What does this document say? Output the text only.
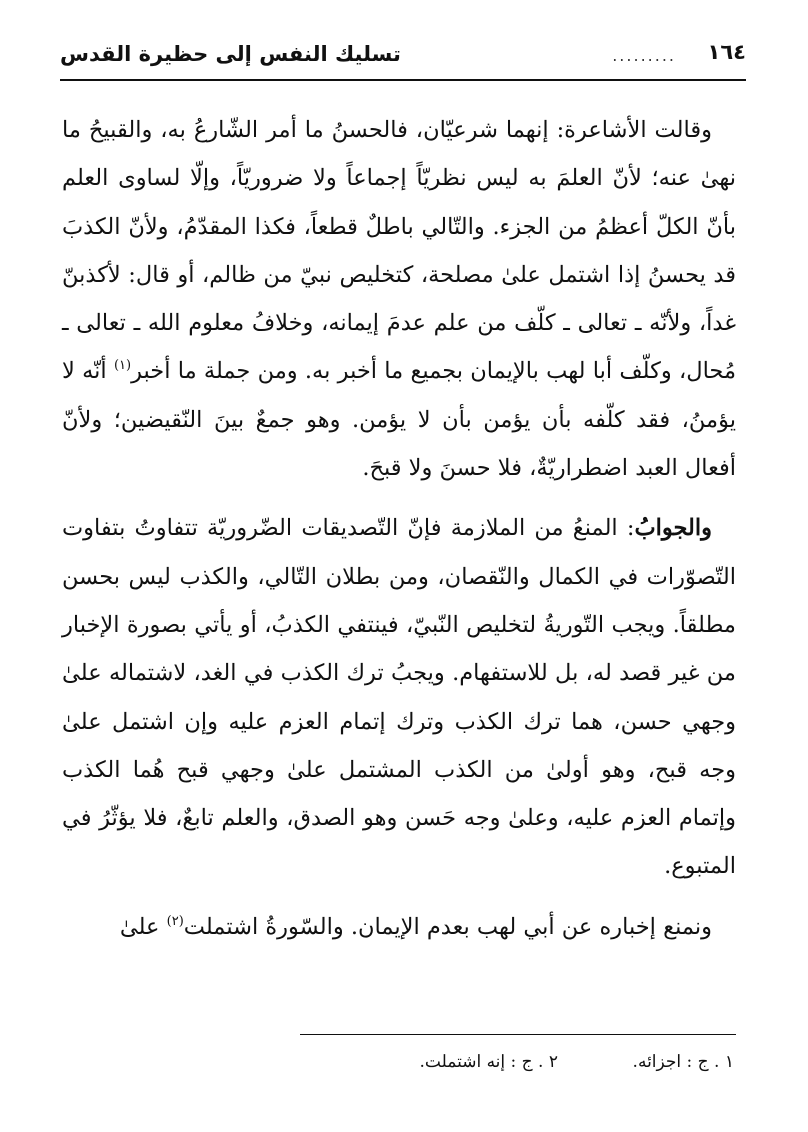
١٦٤
.........
تسليك النفس إلى حظيرة القدس

وقالت الأشاعرة: إنهما شرعيّان، فالحسنُ ما أمر الشّارعُ به، والقبيحُ ما نهىٰ عنه؛ لأنّ العلمَ به ليس نظريّاً إجماعاً ولا ضروريّاً، وإلّا لساوى العلم بأنّ الكلّ أعظمُ من الجزء. والتّالي باطلٌ قطعاً، فكذا المقدّمُ، ولأنّ الكذبَ قد يحسنُ إذا اشتمل علىٰ مصلحة، كتخليص نبيّ من ظالم، أو قال: لأكذبنّ غداً، ولأنّه ـ تعالى ـ كلّف من علم عدمَ إيمانه، وخلافُ معلوم الله ـ تعالى ـ مُحال، وكلّف أبا لهب بالإيمان بجميع ما أخبر به. ومن جملة ما أخبر$^{(١)}$ أنّه لا يؤمنُ، فقد كلّفه بأن يؤمن بأن لا يؤمن. وهو جمعٌ بينَ النّقيضين؛ ولأنّ أفعال العبد اضطراريّةٌ، فلا حسنَ ولا قبحَ.

والجوابُ: المنعُ من الملازمة فإنّ التّصديقات الضّروريّة تتفاوتُ بتفاوت التّصوّرات في الكمال والنّقصان، ومن بطلان التّالي، والكذب ليس بحسن مطلقاً. ويجب التّوريةُ لتخليص النّبيّ، فينتفي الكذبُ، أو يأتي بصورة الإخبار من غير قصد له، بل للاستفهام. ويجبُ ترك الكذب في الغد، لاشتماله علىٰ وجهي حسن، هما ترك الكذب وترك إتمام العزم عليه وإن اشتمل علىٰ وجه قبح، وهو أولىٰ من الكذب المشتمل علىٰ وجهي قبح هُما الكذب وإتمام العزم عليه، وعلىٰ وجه حَسن وهو الصدق، والعلم تابعٌ، فلا يؤثّرُ في المتبوع.

ونمنع إخباره عن أبي لهب بعدم الإيمان. والسّورةُ اشتملت$^{(٢)}$ علىٰ

١ . ج : اجزائه.
٢ . ج : إنه اشتملت.
